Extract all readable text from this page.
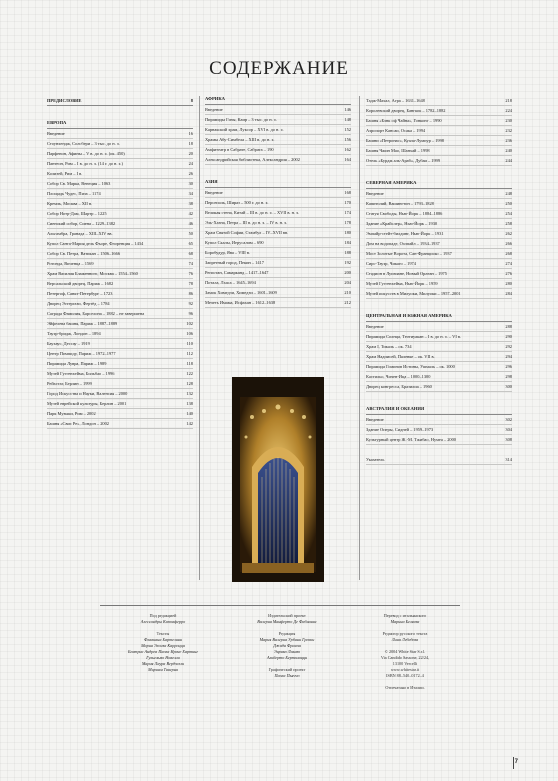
СОДЕРЖАНИЕ
ПРЕДИСЛОВИЕ	8
ЕВРОПА
Введение	16
Стоунхендж, Солсбери – 3 тыс. до н. э.	18
Парфенон, Афины – V в. до н. э. (ок. 450)	20
Пантеон, Рим – I в. до н. э. (14 г. до н. э.)	24
Колизей, Рим – I в.	26
Собор Св. Марка, Венеция – 1063	30
Площадь Чудес, Пиза – 1174	34
Кремль, Москва – XII в.	38
Собор Нотр-Дам, Шартр – 1225	42
Сиенский собор, Сиена – 1229–1382	46
Альгамбра, Гранада – XIII–XIV вв.	50
Купол Санта-Мария дель Фьоре, Флоренция – 1434	65
Собор Св. Петра, Ватикан – 1506–1666	68
Ротонда, Виченца – 1569	74
Храм Василия Блаженного, Москва – 1554–1560	76
Версальский дворец, Париж – 1682	78
Петергоф, Санкт-Петербург – 1723	86
Дворец Эстергази, Фертёд – 1784	92
Саграда Фамилия, Барселона – 1882 – не завершена	96
Эйфелева башня, Париж – 1887–1889	102
Тауэр-бридж, Лондон – 1894	106
Баухаус, Дессау – 1919	110
Центр Помпиду, Париж – 1972–1977	112
Пирамида Лувра, Париж – 1989	118
Музей Гуггенхейма, Бильбао – 1996	122
Рейхстаг, Берлин – 1999	128
Город Искусства и Науки, Валенсия – 2000	132
Музей еврейской культуры, Берлин – 2001	138
Парк Музыки, Рим – 2002	140
Башня «Свис Ре», Лондон – 2002	142
АФРИКА
Введение	146
Пирамиды Гизы, Каир – 3 тыс. до н. э.	148
Карнакский храм, Луксор – XVI в. до н. э.	152
Храмы Абу-Симбела – XIII в. до н. э.	156
Амфитеатр в Сабрате, Сабрата – 190	162
Александрийская библиотека, Александрия – 2002	164
АЗИЯ
Введение	168
Персеполь, Шираз – 500 г. до н. э.	170
Великая стена, Китай – III в. до н. э. – XVII в. н. э.	174
Эль-Хазна, Петра – III в. до н. э. – IV в. н. э.	178
Храм Святой Софии, Стамбул – IV–XVII вв.	180
Купол Скалы, Иерусалим – 690	184
Боробудур, Ява – VIII в.	188
Запретный город, Пекин – 1417	192
Регистан, Самарканд – 1417–1647	200
Потала, Лхаса – 1645–1694	204
Замок Химедзи, Химедзи – 1601–1609	210
Мечеть Имама, Исфахан – 1612–1638	212
Тадж-Махал, Агра – 1631–1648	218
Королевский дворец, Бангкок – 1782–1882	224
Башня «Бэнк оф Чайна», Гонконг – 1990	230
Аэропорт Кансаи, Осака – 1994	232
Башни «Петронас», Куала-Лумпур – 1998	236
Башня Чжин Мао, Шанхай – 1998	240
Отель «Бурдж аль-Араб», Дубаи – 1999	244
СЕВЕРНАЯ АМЕРИКА
Введение	248
Капитолий, Вашингтон – 1793–1828	250
Статуя Свободы, Нью-Йорк – 1884–1886	254
Здание «Крайслер», Нью-Йорк – 1930	258
Эмпайр-стейт-билдинг, Нью-Йорк – 1931	262
Дом на водопаде, Оэлпайл – 1934–1937	266
Мост Золотые Ворота, Сан-Франциско – 1937	268
Сирс-Тауэр, Чикаго – 1974	274
Стадион в Луизиане, Новый Орлеан – 1975	276
Музей Гуггенхейма, Нью-Йорк – 1959	280
Музей искусств в Милуоки, Милуоки – 1957–2001	284
ЦЕНТРАЛЬНАЯ И ЮЖНАЯ АМЕРИКА
Введение	288
Пирамида Солнца, Теотиуакан – I в. до н. э. – VI в.	290
Храм I, Тикаль – ок. 734	292
Храм Надписей, Паленке – ок. VII в.	294
Пирамида Гоминов Истины, Ушмаль – ок. 1000	296
Кастильо, Чичен-Ица – 1000–1300	298
Дворец конгресса, Бразилиа – 1960	300
АВСТРАЛИЯ И ОКЕАНИЯ
Введение	302
Здание Оперы, Сидней – 1959–1973	304
Культурный центр Ж.-М. Тжибао, Нумеа – 2000	308
Указатель	314
Под редакцией
Алессандры Капоаферро
Тексты
Флавиана Бартелини
Мария Элоиза Карроцца
Беатрис Андреа Паола Ирене Хартинг
Гульельмо Новелли
Мария Лаура Вердзелли
Мириам Таверна
Издательский проект
Валерия Манферто Де Фабианис
Редакция
Мария Валерия Урбани Грекки
Джада Франча
Энрико Ламмо
Альберто Бертолацци
Графический проект
Паола Пьяччо
Перевод с итальянского
Марина Беляева
Редактор русского текста
Лина Лебедева
© 2004 White Star S.r.l.
Via Candido Sassone, 22/24,
13100 Vercelli
www.whitestar.it
ISBN 88–540–0172–4
Отпечатано в Италии.
7
